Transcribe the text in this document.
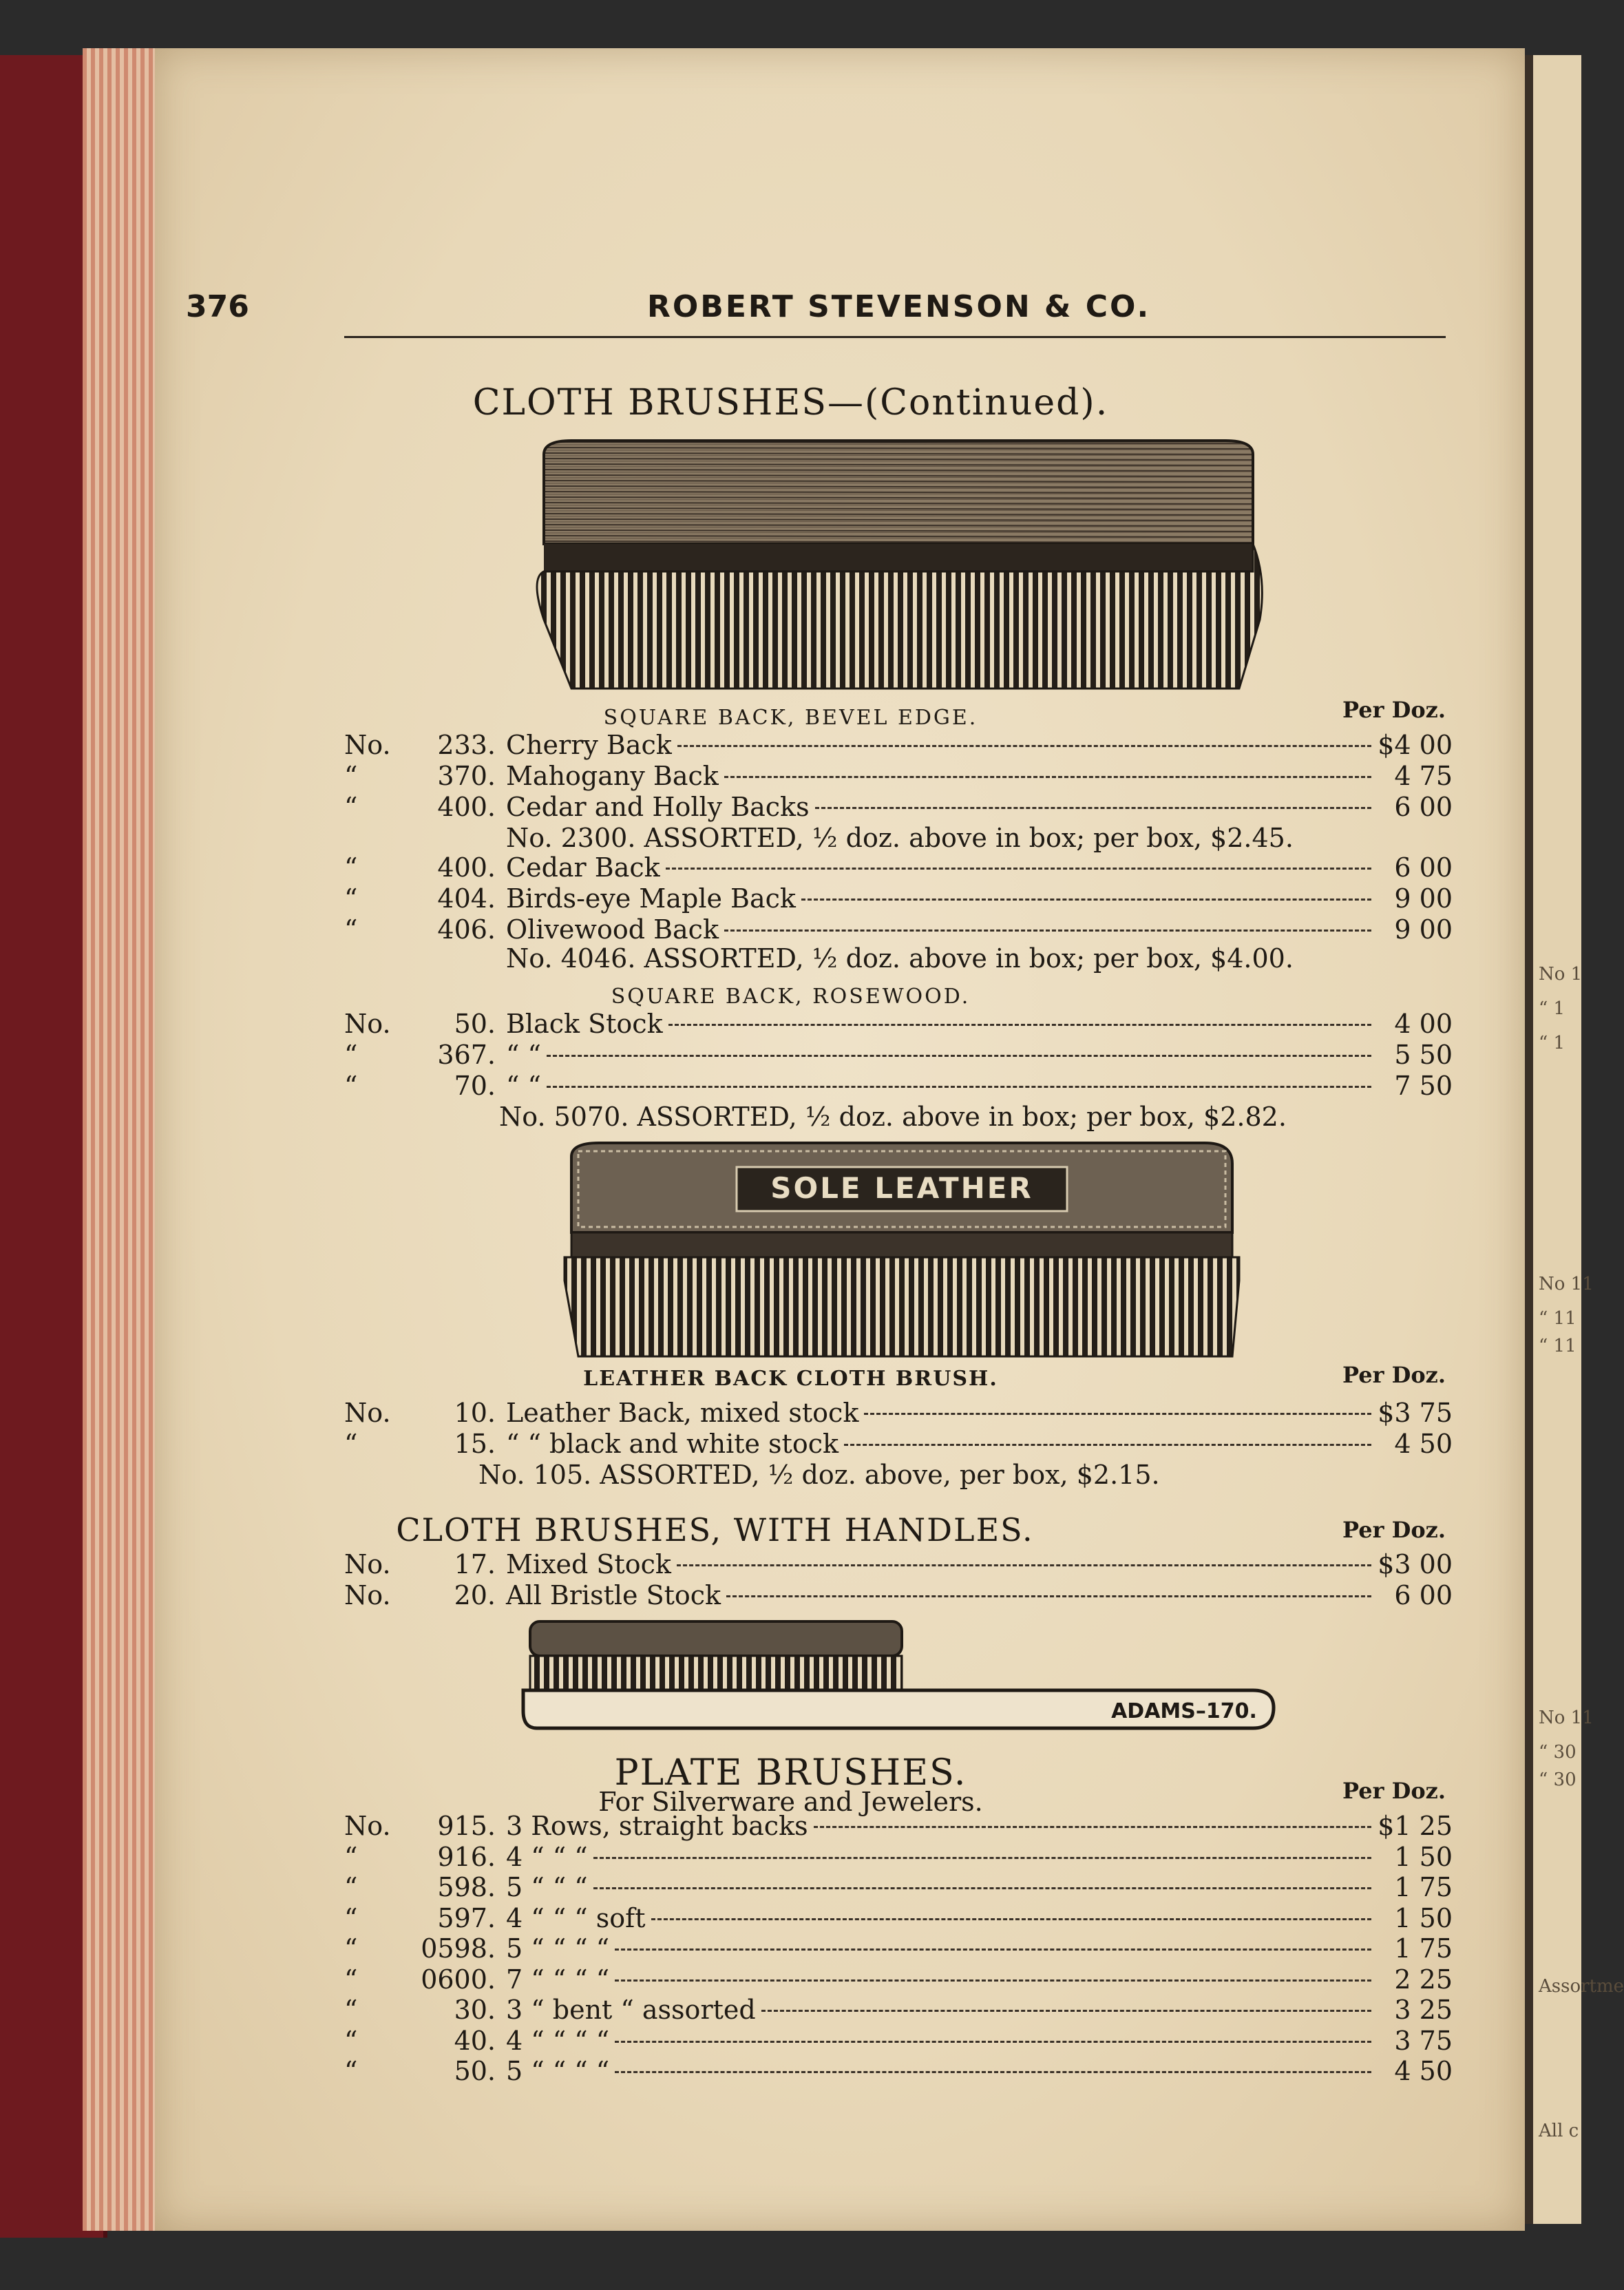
No 1
“ 1
“ 1
No 11
“ 11
“ 11
No 11
“ 30
“ 30
Assortme
All c
376	ROBERT STEVENSON & CO.
CLOTH BRUSHES—(Continued).
SQUARE BACK, BEVEL EDGE.	Per Doz.
No.	233. Cherry Back	$4 00
“	370. Mahogany Back	4 75
“	400. Cedar and Holly Backs	6 00
No. 2300. ASSORTED, ½ doz. above in box; per box, $2.45.
“	400. Cedar Back	6 00
“	404. Birds-eye Maple Back	9 00
“	406. Olivewood Back	9 00
No. 4046. ASSORTED, ½ doz. above in box; per box, $4.00.
SQUARE BACK, ROSEWOOD.
No.	50. Black Stock	4 00
“	367. “ “	5 50
“	70. “ “	7 50
No. 5070. ASSORTED, ½ doz. above in box; per box, $2.82.
SOLE LEATHER
LEATHER BACK CLOTH BRUSH.	Per Doz.
No.	10. Leather Back, mixed stock	$3 75
“	15. “ “ black and white stock	4 50
No. 105. ASSORTED, ½ doz. above, per box, $2.15.
CLOTH BRUSHES, WITH HANDLES.	Per Doz.
No.	17. Mixed Stock	$3 00
No.	20. All Bristle Stock	6 00
ADAMS–170.
PLATE BRUSHES.
For Silverware and Jewelers.	Per Doz.
No.	915. 3 Rows, straight backs	$1 25
“	916. 4 “ “ “	1 50
“	598. 5 “ “ “	1 75
“	597. 4 “ “ “ soft	1 50
“	0598. 5 “ “ “ “	1 75
“	0600. 7 “ “ “ “	2 25
“	30. 3 “ bent “ assorted	3 25
“	40. 4 “ “ “ “	3 75
“	50. 5 “ “ “ “	4 50
